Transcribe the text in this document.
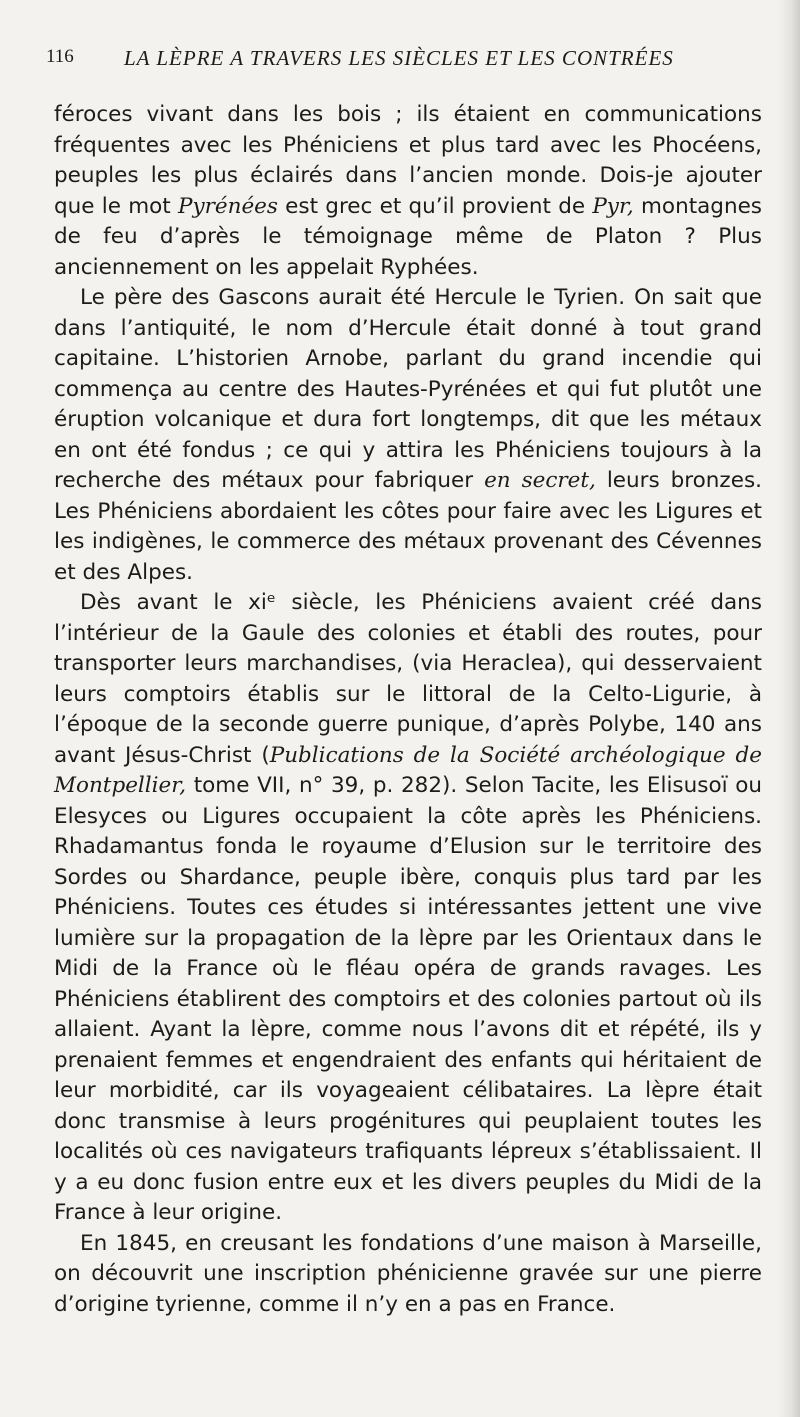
116 LA LÈPRE A TRAVERS LES SIÈCLES ET LES CONTRÉES

féroces vivant dans les bois ; ils étaient en communications fréquentes avec les Phéniciens et plus tard avec les Phocéens, peuples les plus éclairés dans l’ancien monde. Dois-je ajouter que le mot Pyrénées est grec et qu’il provient de Pyr, montagnes de feu d’après le témoignage même de Platon ? Plus anciennement on les appelait Ryphées.

Le père des Gascons aurait été Hercule le Tyrien. On sait que dans l’antiquité, le nom d’Hercule était donné à tout grand capitaine. L’historien Arnobe, parlant du grand incendie qui commença au centre des Hautes-Pyrénées et qui fut plutôt une éruption volcanique et dura fort longtemps, dit que les métaux en ont été fondus ; ce qui y attira les Phéniciens toujours à la recherche des métaux pour fabriquer en secret, leurs bronzes. Les Phéniciens abordaient les côtes pour faire avec les Ligures et les indigènes, le commerce des métaux provenant des Cévennes et des Alpes.

Dès avant le xiᵉ siècle, les Phéniciens avaient créé dans l’intérieur de la Gaule des colonies et établi des routes, pour transporter leurs marchandises, (via Heraclea), qui desservaient leurs comptoirs établis sur le littoral de la Celto-Ligurie, à l’époque de la seconde guerre punique, d’après Polybe, 140 ans avant Jésus-Christ (Publications de la Société archéologique de Montpellier, tome VII, n° 39, p. 282). Selon Tacite, les Elisusoï ou Elesyces ou Ligures occupaient la côte après les Phéniciens. Rhadamantus fonda le royaume d’Elusion sur le territoire des Sordes ou Shardance, peuple ibère, conquis plus tard par les Phéniciens. Toutes ces études si intéressantes jettent une vive lumière sur la propagation de la lèpre par les Orientaux dans le Midi de la France où le fléau opéra de grands ravages. Les Phéniciens établirent des comptoirs et des colonies partout où ils allaient. Ayant la lèpre, comme nous l’avons dit et répété, ils y prenaient femmes et engendraient des enfants qui héritaient de leur morbidité, car ils voyageaient célibataires. La lèpre était donc transmise à leurs progénitures qui peuplaient toutes les localités où ces navigateurs trafiquants lépreux s’établissaient. Il y a eu donc fusion entre eux et les divers peuples du Midi de la France à leur origine.

En 1845, en creusant les fondations d’une maison à Marseille, on découvrit une inscription phénicienne gravée sur une pierre d’origine tyrienne, comme il n’y en a pas en France.
